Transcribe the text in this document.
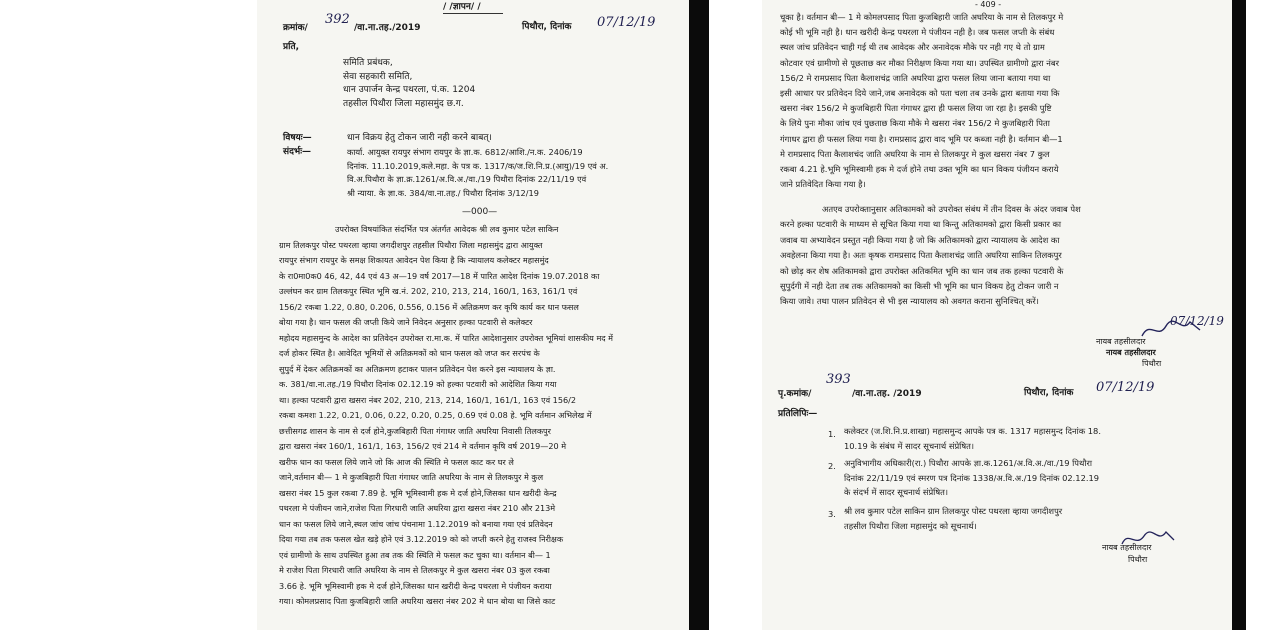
/ /ज्ञापन/ /
क्रमांक/
392
/वा.ना.तह./2019	पिथौरा, दिनांक 07/12/19
प्रति,
समिति प्रबंधक,
सेवा सहकारी समिति,
धान उपार्जन केन्द्र पथरला, पं.क. 1204
तहसील पिथौरा जिला महासमुंद छ.ग.
विषयः—	धान विक्रय हेतु टोकन जारी नही करने बाबत्।
संदर्भः—	कार्या. आयुक्त रायपुर संभाग रायपुर के ज्ञा.क. 6812/आशि./न.क. 2406/19
दिनांक. 11.10.2019,कले.महा. के पत्र क. 1317/क/ज.शि.नि.प्र.(आयु)/19 एवं अ.
वि.अ.पिथौरा के ज्ञा.क्र.1261/अ.वि.अ./वा./19 पिथौरा दिनांक 22/11/19 एवं
श्री न्याया. के ज्ञा.क. 384/वा.ना.तह./ पिथौरा दिनांक 3/12/19
—000—
उपरोक्त विषयांकित संदर्भित पत्र अंतर्गत आवेदक श्री लव कुमार पटेल साकिन
ग्राम तिलकपुर पोस्ट पथरला व्हाया जगदीशपुर तहसील पिथौरा जिला महासमुंद द्वारा आयुक्त
रायपुर संभाग रायपुर के समक्ष शिकायत आवेदन पेश किया है कि न्यायालय कलेक्टर महासमुंद
के रा0मा0क0 46, 42, 44 एवं 43 अ—19 वर्ष 2017—18 में पारित आदेश दिनांक 19.07.2018 का
उल्लंघन कर ग्राम तिलकपुर स्थित भूमि ख.नं. 202, 210, 213, 214, 160/1, 163, 161/1 एवं
156/2 रकबा 1.22, 0.80, 0.206, 0.556, 0.156 में अतिक्रमण कर कृषि कार्य कर धान फसल
बोया गया है। धान फसल की जप्ती किये जाने निवेदन अनुसार हल्का पटवारी से कलेक्टर
महोदय महासमुन्द के आदेश का प्रतिवेदन उपरोक्त रा.मा.क. में पारित आदेशानुसार उपरोक्त भूमियां शासकीय मद में
दर्ज होकर स्थित है। आवेदित भूमियों से अतिक्रमकों को धान फसल को जप्त कर सरपंच के
सुपुर्द में देकर अतिक्रमकों का अतिक्रमण हटाकर पालन प्रतिवेदन पेश करने इस न्यायालय के ज्ञा.
क. 381/वा.ना.तह./19 पिथौरा दिनांक 02.12.19 को हल्का पटवारी को आदेशित किया गया
था। हल्का पटवारी द्वारा खसरा नंबर 202, 210, 213, 214, 160/1, 161/1, 163 एवं 156/2
रकबा कमशः 1.22, 0.21, 0.06, 0.22, 0.20, 0.25, 0.69 एवं 0.08 हे. भूमि वर्तमान अभिलेख में
छत्तीसगढ शासन के नाम से दर्ज होने,कुजबिहारी पिता गंगाधर जाति अघरिया निवासी तिलकपुर
द्वारा खसरा नंबर 160/1, 161/1, 163, 156/2 एवं 214 मे वर्तमान कृषि वर्ष 2019—20 मे
खरीफ धान का फसल लिये जाने जो कि आज की स्थिति मे फसल काट कर घर ले
जाने,वर्तमान बी— 1 मे कुजबिहारी पिता गंगाधर जाति अघरिया के नाम से तिलकपुर मे कुल
खसरा नंबर 15 कुल रकबा 7.89 हे. भूमि भूमिस्वामी हक मे दर्ज होने,जिसका धान खरीदी केन्द्र
पथरला मे पंजीयन जाने,राजेश पिता गिरधारी जाति अघरिया द्वारा खसरा नंबर 210 और 213मे
धान का फसल लिये जाने,स्थल जांच जांच पंचनामा 1.12.2019 को बनाया गया एवं प्रतिवेदन
दिया गया तब तक फसल खेत खड़े होने एवं 3.12.2019 को को जप्ती करने हेतु राजस्व निरीक्षक
एवं ग्रामीणो के साथ उपस्थित हुआ तब तक की स्थिति मे फसल कट चुका था। वर्तमान बी— 1
मे राजेश पिता गिरधारी जाति अघरिया के नाम से तिलकपुर मे कुल खसरा नंबर 03 कुल रकबा
3.66 हे. भूमि भूमिस्वामी हक मे दर्ज होने,जिसका धान खरीदी केन्द्र पथरला मे पंजीयन कराया
गया। कोमलप्रसाद पिता कुजबिहारी जाति अघरिया खसरा नंबर 202 मे धान बोया था जिसे काट
- 409 -
चूका है। वर्तमान बी— 1 मे कोमलपसाद पिता कुजबिहारी जाति अघरिया के नाम से तिलकपुर मे
कोई भी भूमि नही है। धान खरीदी केन्द्र पथरला मे पंजीयन नही है। जब फसल जप्ती के संबंध
स्थल जांच प्रतिवेदन चाही गई थी तब आवेदक और अनावेदक मौके पर नही गए थे तो ग्राम
कोटवार एवं ग्रामीणो से पूछताछ कर मौका निरीक्षण किया गया था। उपस्थित ग्रामीणो द्वारा नंबर
156/2 मे रामप्रसाद पिता कैलाशचंद्र जाति अघरिया द्वारा फसल लिया जाना बताया गया था
इसी आधार पर प्रतिवेदन दिये जाने,जब अनावेदक को पता चला तब उनके द्वारा बताया गया कि
खसरा नंबर 156/2 मे कुजबिहारी पिता गंगाधर द्वारा ही फसल लिया जा रहा है। इसकी पुष्टि
के लिये पुनः मौका जांच एवं पुछताछ किया मौके मे खसरा नंबर 156/2 मे कुजबिहारी पिता
गंगाधर द्वारा ही फसल लिया गया है। रामप्रसाद द्वारा वाद भूमि पर कब्जा नही है। वर्तमान बी—1
मे रामप्रसाद पिता कैलाशचंद जाति अघरिया के नाम से तिलकपुर मे कुल खसरा नंबर 7 कुल
रकबा 4.21 हे.भूमि भूमिस्वामी हक मे दर्ज होने तथा उक्त भूमि का धान विकय पंजीयन कराये
जाने प्रतिवेदित किया गया है।
अतएव उपरोक्तानुसार अतिकामको को उपरोक्त संबंध में तीन दिवस के अंदर जवाब पेश
करने हल्का पटवारी के माध्यम से सूचित किया गया था किन्तु अतिकामको द्वारा किसी प्रकार का
जवाब या अभ्यावेदन प्रस्तुत नही किया गया है जो कि अतिकामको द्वारा न्यायालय के आदेश का
अवहेलना किया गया है। अतः कृषक रामप्रसाद पिता कैलाशचंद्र जाति अघरिया साकिन तिलकपुर
को छोड़ कर शेष अतिकामको द्वारा उपरोक्त अतिकमित भूमि का धान जब तक हल्का पटवारी के
सुपुर्दगी में नही देता तब तक अतिकामको का किसी भी भूमि का धान विकय हेतु टोकन जारी न
किया जावे। तथा पालन प्रतिवेदन से भी इस न्यायालय को अवगत कराना सुनिश्चित् करें।
07/12/19
नायब तहसीलदार
नायब तहसीलदार
पिथौरा
पृ.कमांक/
393
/वा.ना.तह. /2019	पिथौरा, दिनांक 07/12/19
प्रतिलिपिः—
1. कलेक्टर (ज.शि.नि.प्र.शाखा) महासमुन्द आपके पत्र क. 1317 महासमुन्द दिनांक 18.
10.19 के संबंध में सादर सूचनार्थ संप्रेषित।
2. अनुविभागीय अधिकारी(रा.) पिथौरा आपके ज्ञा.क.1261/अ.वि.अ./वा./19 पिथौरा
दिनांक 22/11/19 एवं स्मरण पत्र दिनांक 1338/अ.वि.अ./19 दिनांक 02.12.19
के संदर्भ में सादर सूचनार्थ संप्रेषित।
3. श्री लव कुमार पटेल साकिन ग्राम तिलकपुर पोस्ट पथरला व्हाया जगदीशपुर
तहसील पिथौरा जिला महासमुंद को सूचनार्थ।
नायब तहसीलदार
पिथौरा
